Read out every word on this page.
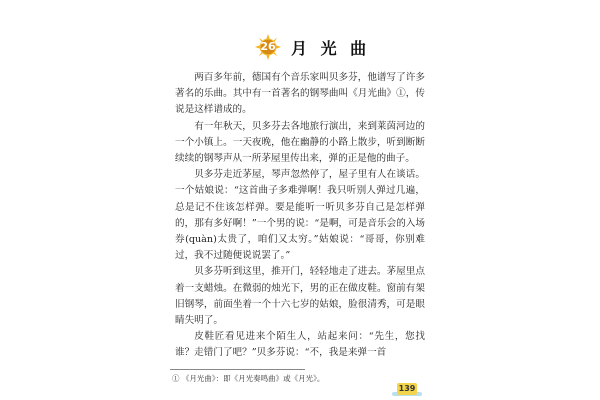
26 月 光 曲

两百多年前，德国有个音乐家叫贝多芬，他谱写了许多著名的乐曲。其中有一首著名的钢琴曲叫《月光曲》①，传说是这样谱成的。

有一年秋天，贝多芬去各地旅行演出，来到莱茵河边的一个小镇上。一天夜晚，他在幽静的小路上散步，听到断断续续的钢琴声从一所茅屋里传出来，弹的正是他的曲子。

贝多芬走近茅屋，琴声忽然停了，屋子里有人在谈话。一个姑娘说：“这首曲子多难弹啊！我只听别人弹过几遍，总是记不住该怎样弹。要是能听一听贝多芬自己是怎样弹的，那有多好啊！”一个男的说：“是啊，可是音乐会的入场券(quàn)太贵了，咱们又太穷。”姑娘说：“哥哥，你别难过，我不过随便说说罢了。”

贝多芬听到这里，推开门，轻轻地走了进去。茅屋里点着一支蜡烛。在微弱的烛光下，男的正在做皮鞋。窗前有架旧钢琴，前面坐着一个十六七岁的姑娘，脸很清秀，可是眼睛失明了。

皮鞋匠看见进来个陌生人，站起来问：“先生，您找谁？走错门了吧？”贝多芬说：“不，我是来弹一首

① 《月光曲》：即《月光奏鸣曲》或《月光》。
139
